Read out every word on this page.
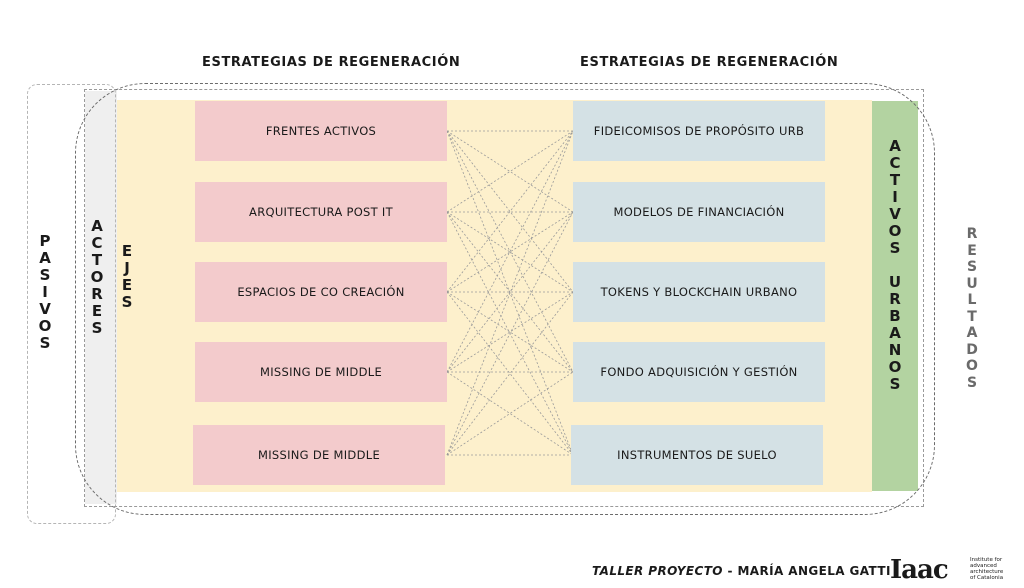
ESTRATEGIAS DE REGENERACIÓN	ESTRATEGIAS DE REGENERACIÓN
P
A
S
I
V
O
S
A
C
T
O
R
E
S
E
J
E
S
A
C
T
I
V
O
S
U
R
B
A
N
O
S
R
E
S
U
L
T
A
D
O
S
FRENTES ACTIVOS
ARQUITECTURA POST IT
ESPACIOS DE CO CREACIÓN
MISSING DE MIDDLE
MISSING DE MIDDLE
FIDEICOMISOS DE PROPÓSITO URB
MODELOS DE FINANCIACIÓN
TOKENS Y BLOCKCHAIN URBANO
FONDO ADQUISICIÓN Y GESTIÓN
INSTRUMENTOS DE SUELO
TALLER PROYECTO - MARÍA ANGELA GATTI Iaac	Institute for
advanced
architecture
of Catalonia
